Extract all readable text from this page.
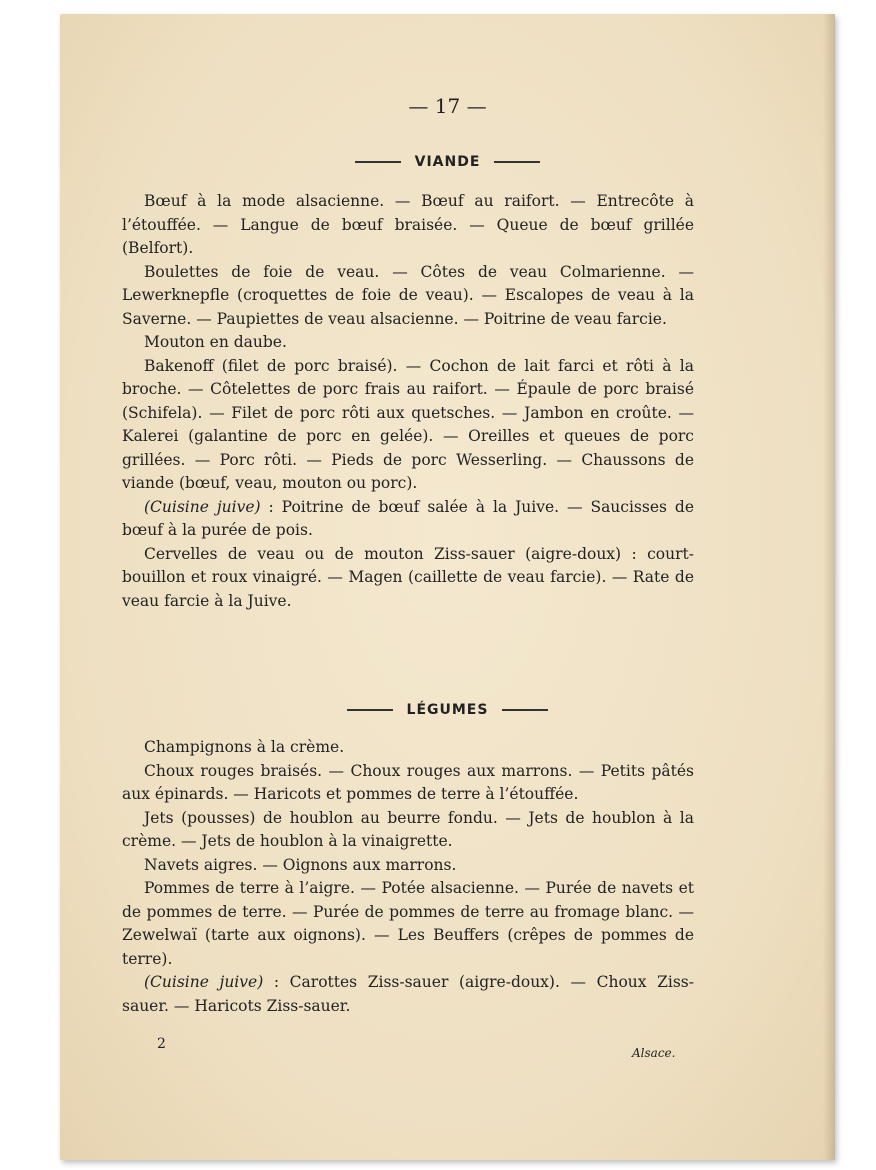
— 17 —
VIANDE

Bœuf à la mode alsacienne. — Bœuf au raifort. — Entrecôte à l’étouffée. — Langue de bœuf braisée. — Queue de bœuf grillée (Belfort).

Boulettes de foie de veau. — Côtes de veau Colmarienne. — Lewerknepfle (croquettes de foie de veau). — Escalopes de veau à la Saverne. — Paupiettes de veau alsacienne. — Poitrine de veau farcie.

Mouton en daube.

Bakenoff (filet de porc braisé). — Cochon de lait farci et rôti à la broche. — Côtelettes de porc frais au raifort. — Épaule de porc braisé (Schifela). — Filet de porc rôti aux quetsches. — Jambon en croûte. — Kalerei (galantine de porc en gelée). — Oreilles et queues de porc grillées. — Porc rôti. — Pieds de porc Wesserling. — Chaussons de viande (bœuf, veau, mouton ou porc).

(Cuisine juive) : Poitrine de bœuf salée à la Juive. — Saucisses de bœuf à la purée de pois.

Cervelles de veau ou de mouton Ziss-sauer (aigre-doux) : court-bouillon et roux vinaigré. — Magen (caillette de veau farcie). — Rate de veau farcie à la Juive.

LÉGUMES

Champignons à la crème.

Choux rouges braisés. — Choux rouges aux marrons. — Petits pâtés aux épinards. — Haricots et pommes de terre à l’étouffée.

Jets (pousses) de houblon au beurre fondu. — Jets de houblon à la crème. — Jets de houblon à la vinaigrette.

Navets aigres. — Oignons aux marrons.

Pommes de terre à l’aigre. — Potée alsacienne. — Purée de navets et de pommes de terre. — Purée de pommes de terre au fromage blanc. — Zewelwaï (tarte aux oignons). — Les Beuffers (crêpes de pommes de terre).

(Cuisine juive) : Carottes Ziss-sauer (aigre-doux). — Choux Ziss-sauer. — Haricots Ziss-sauer.

2
Alsace.
